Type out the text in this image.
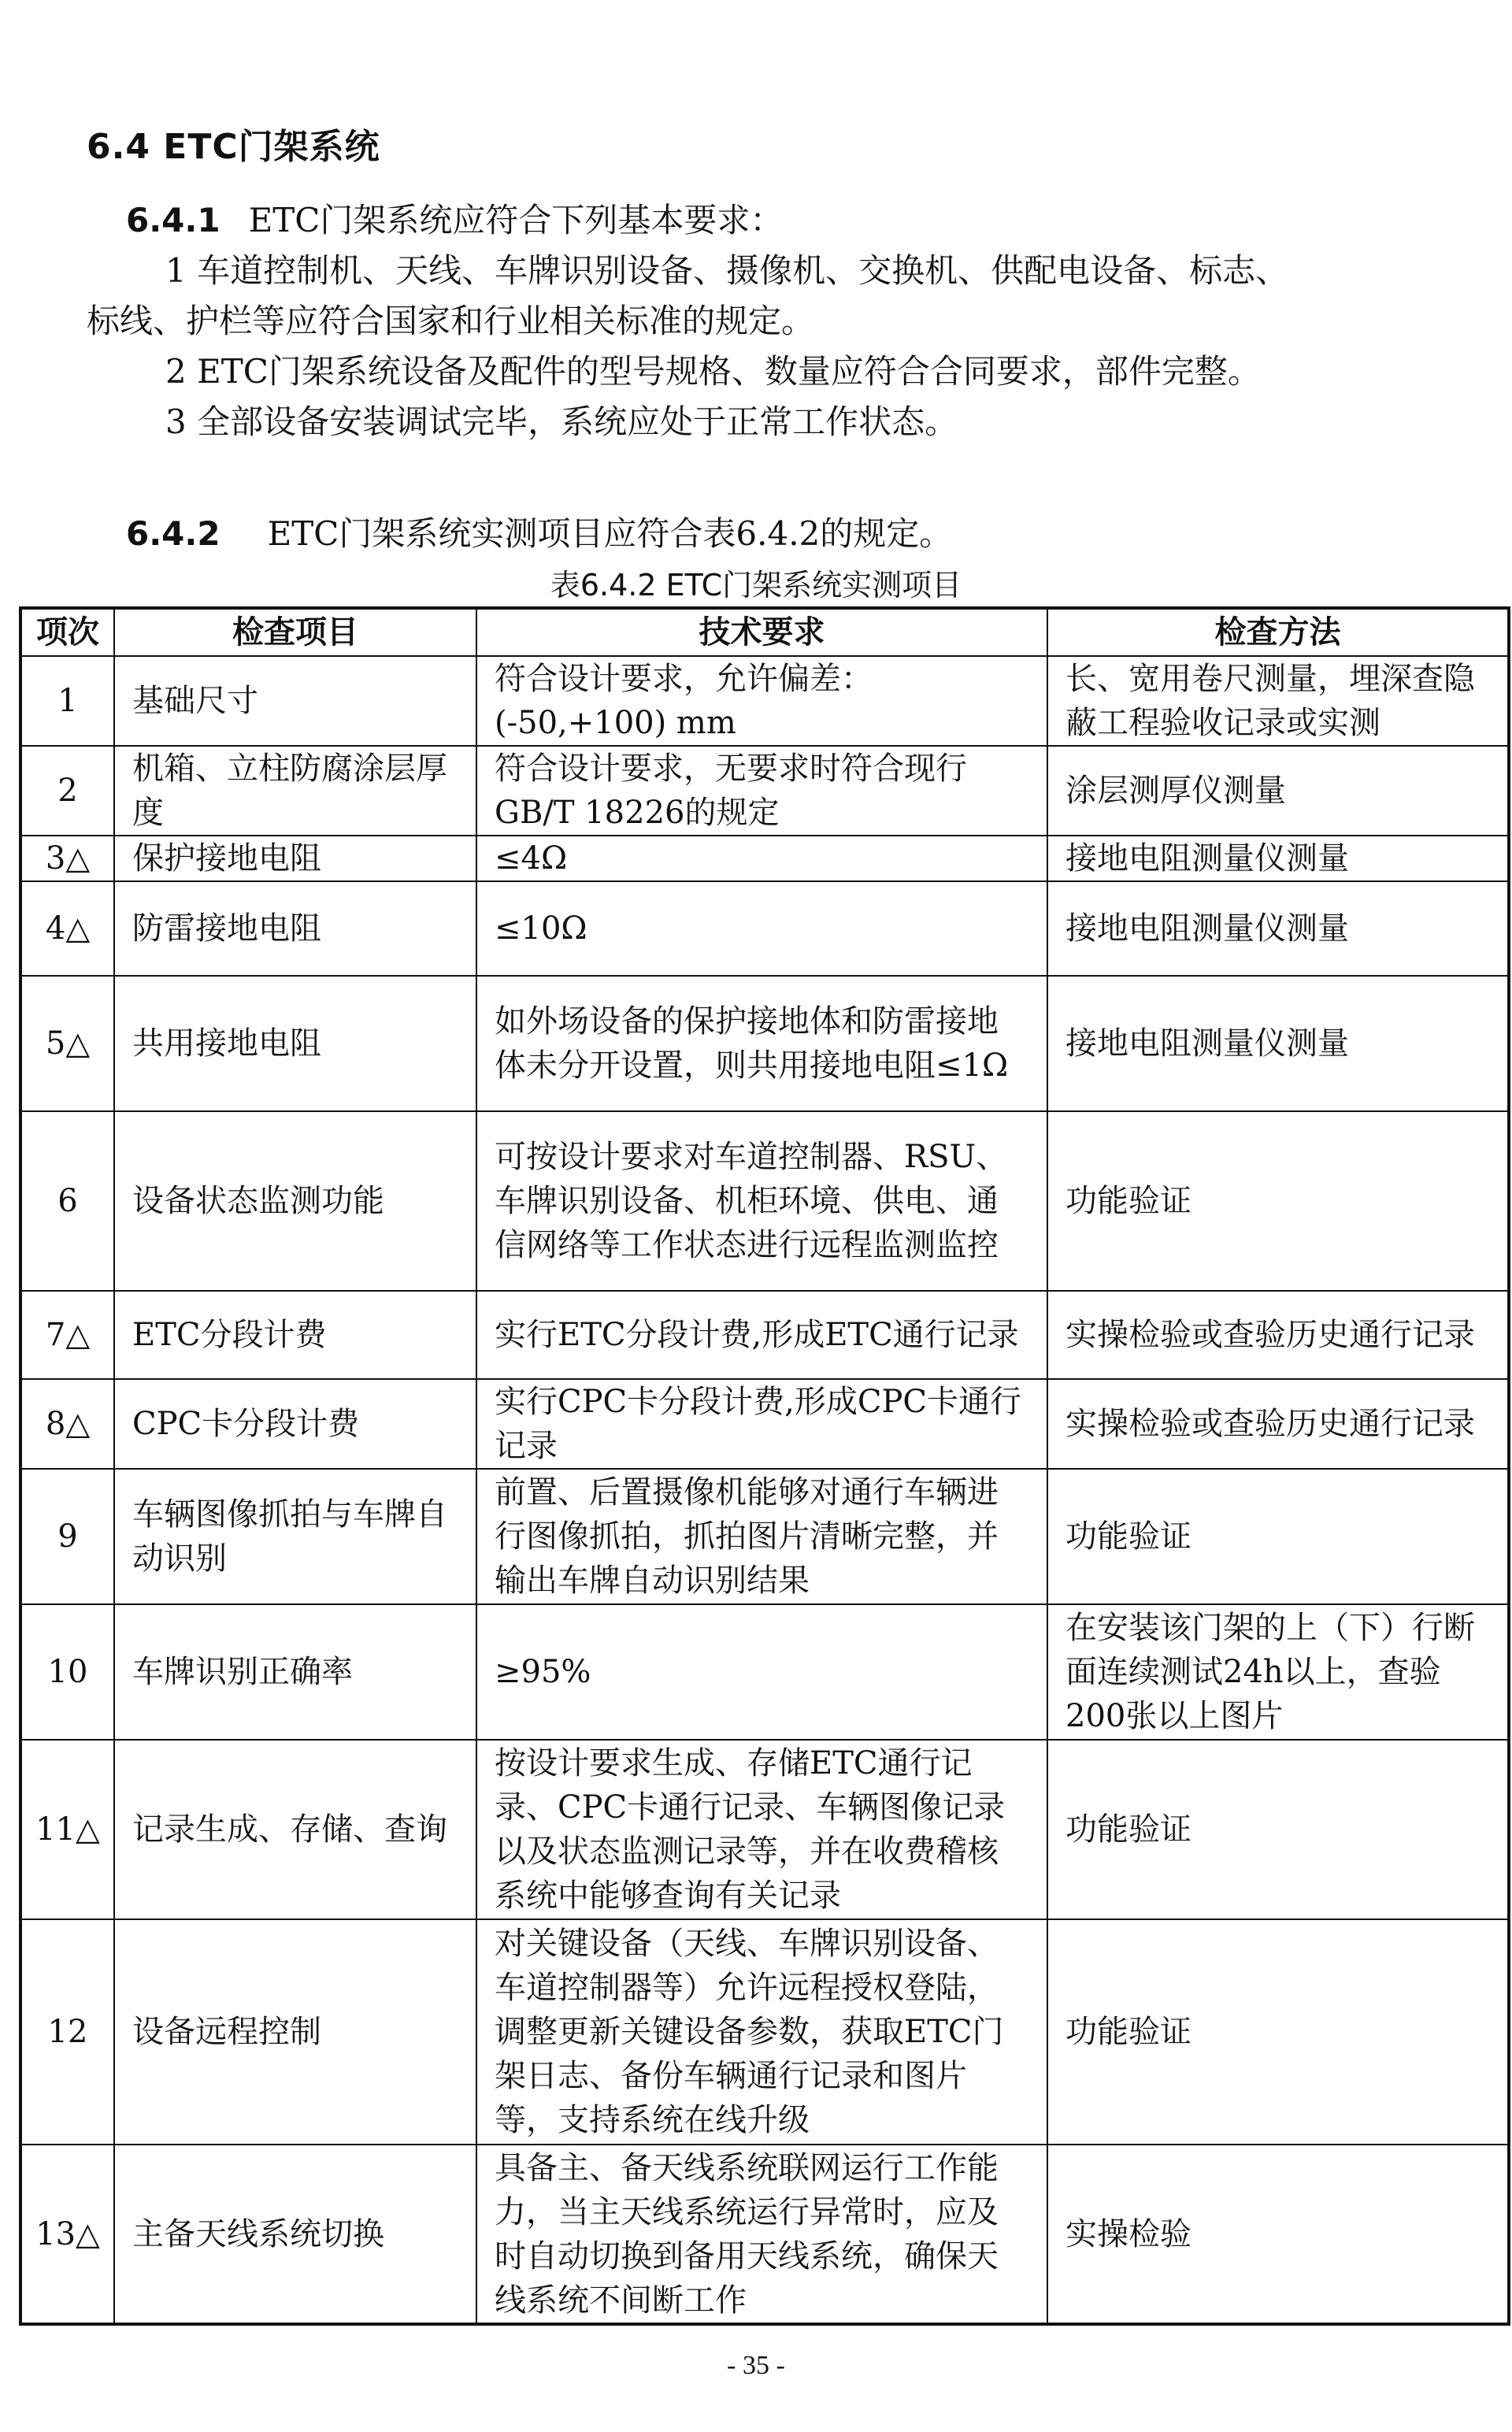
6.4 ETC门架系统
6.4.1 ETC门架系统应符合下列基本要求：
1 车道控制机、天线、车牌识别设备、摄像机、交换机、供配电设备、标志、
标线、护栏等应符合国家和行业相关标准的规定。
2 ETC门架系统设备及配件的型号规格、数量应符合合同要求，部件完整。
3 全部设备安装调试完毕，系统应处于正常工作状态。
6.4.2 ETC门架系统实测项目应符合表6.4.2的规定。
表6.4.2 ETC门架系统实测项目
项次	检查项目	技术要求	检查方法
1	基础尺寸	符合设计要求，允许偏差：(-50,+100) mm	长、宽用卷尺测量，埋深查隐蔽工程验收记录或实测
2	机箱、立柱防腐涂层厚度	符合设计要求，无要求时符合现行GB/T 18226的规定	涂层测厚仪测量
3△	保护接地电阻	≤4Ω	接地电阻测量仪测量
4△	防雷接地电阻	≤10Ω	接地电阻测量仪测量
5△	共用接地电阻	如外场设备的保护接地体和防雷接地体未分开设置，则共用接地电阻≤1Ω	接地电阻测量仪测量
6	设备状态监测功能	可按设计要求对车道控制器、RSU、车牌识别设备、机柜环境、供电、通信网络等工作状态进行远程监测监控	功能验证
7△	ETC分段计费	实行ETC分段计费,形成ETC通行记录	实操检验或查验历史通行记录
8△	CPC卡分段计费	实行CPC卡分段计费,形成CPC卡通行记录	实操检验或查验历史通行记录
9	车辆图像抓拍与车牌自动识别	前置、后置摄像机能够对通行车辆进行图像抓拍，抓拍图片清晰完整，并输出车牌自动识别结果	功能验证
10	车牌识别正确率	≥95%	在安装该门架的上（下）行断面连续测试24h以上，查验200张以上图片
11△	记录生成、存储、查询	按设计要求生成、存储ETC通行记录、CPC卡通行记录、车辆图像记录以及状态监测记录等，并在收费稽核系统中能够查询有关记录	功能验证
12	设备远程控制	对关键设备（天线、车牌识别设备、车道控制器等）允许远程授权登陆，调整更新关键设备参数，获取ETC门架日志、备份车辆通行记录和图片等，支持系统在线升级	功能验证
13△	主备天线系统切换	具备主、备天线系统联网运行工作能力，当主天线系统运行异常时，应及时自动切换到备用天线系统，确保天线系统不间断工作	实操检验
- 35 -
